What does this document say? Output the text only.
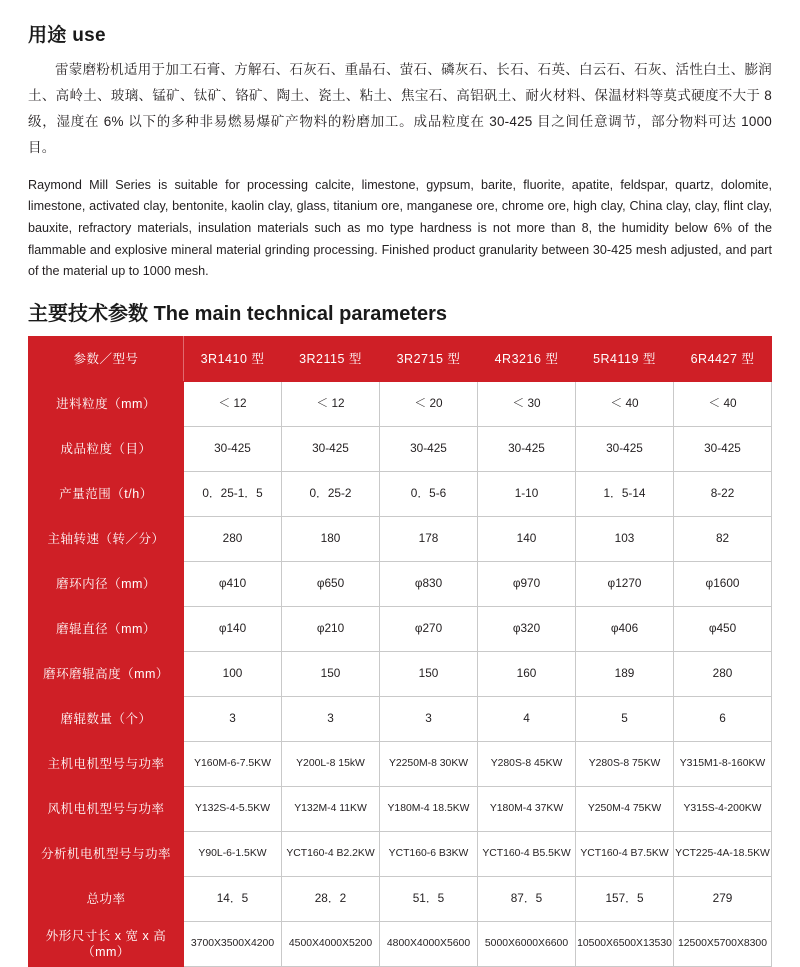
用途 use

雷蒙磨粉机适用于加工石膏、方解石、石灰石、重晶石、萤石、磷灰石、长石、石英、白云石、石灰、活性白土、膨润土、高岭土、玻璃、锰矿、钛矿、铬矿、陶土、瓷土、粘土、焦宝石、高铝矾土、耐火材料、保温材料等莫式硬度不大于 8 级，湿度在 6% 以下的多种非易燃易爆矿产物料的粉磨加工。成品粒度在 30-425 目之间任意调节，部分物料可达 1000 目。

Raymond Mill Series is suitable for processing calcite, limestone, gypsum, barite, fluorite, apatite, feldspar, quartz, dolomite, limestone, activated clay, bentonite, kaolin clay, glass, titanium ore, manganese ore, chrome ore, high clay, China clay, clay, flint clay, bauxite, refractory materials, insulation materials such as mo type hardness is not more than 8, the humidity below 6% of the flammable and explosive mineral material grinding processing. Finished product granularity between 30-425 mesh adjusted, and part of the material up to 1000 mesh.

主要技术参数 The main technical parameters
参数／型号	3R1410 型	3R2115 型	3R2715 型	4R3216 型	5R4119 型	6R4427 型
进料粒度（mm）	＜ 12	＜ 12	＜ 20	＜ 30	＜ 40	＜ 40
成品粒度（目）	30-425	30-425	30-425	30-425	30-425	30-425
产量范围（t/h）	0．25-1．5	0．25-2	0．5-6	1-10	1．5-14	8-22
主轴转速（转／分）	280	180	178	140	103	82
磨环内径（mm）	φ410	φ650	φ830	φ970	φ1270	φ1600
磨辊直径（mm）	φ140	φ210	φ270	φ320	φ406	φ450
磨环磨辊高度（mm）	100	150	150	160	189	280
磨辊数量（个）	3	3	3	4	5	6
主机电机型号与功率	Y160M-6-7.5KW	Y200L-8 15kW	Y2250M-8 30KW	Y280S-8 45KW	Y280S-8 75KW	Y315M1-8-160KW
风机电机型号与功率	Y132S-4-5.5KW	Y132M-4 11KW	Y180M-4 18.5KW	Y180M-4 37KW	Y250M-4 75KW	Y315S-4-200KW
分析机电机型号与功率	Y90L-6-1.5KW	YCT160-4 B2.2KW	YCT160-6 B3KW	YCT160-4 B5.5KW	YCT160-4 B7.5KW	YCT225-4A-18.5KW
总功率	14．5	28．2	51．5	87．5	157．5	279
外形尺寸长 x 宽 x 高（mm）	3700X3500X4200	4500X4000X5200	4800X4000X5600	5000X6000X6600	10500X6500X13530	12500X5700X8300
